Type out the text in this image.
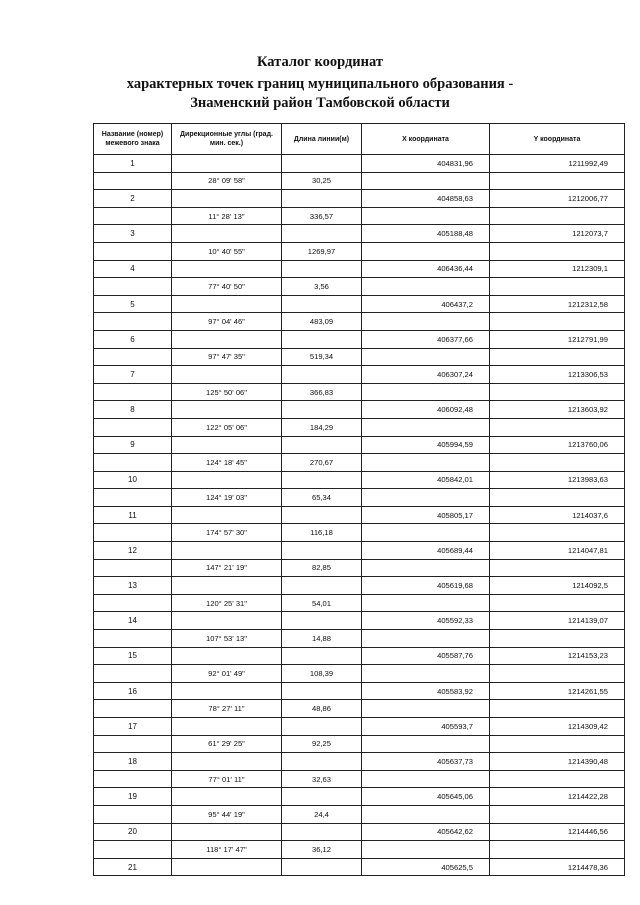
Каталог координат
характерных точек границ муниципального образования -
Знаменский район Тамбовской области
Название (номер) межевого знака	Дирекционные углы (град. мин. сек.)	Длина линии(м)	X координата	Y координата
1			404831,96	1211992,49
	28° 09' 58"	30,25		
2			404858,63	1212006,77
	11° 28' 13"	336,57		
3			405188,48	1212073,7
	10° 40' 55"	1269,97		
4			406436,44	1212309,1
	77° 40' 50"	3,56		
5			406437,2	1212312,58
	97° 04' 46"	483,09		
6			406377,66	1212791,99
	97° 47' 35"	519,34		
7			406307,24	1213306,53
	125° 50' 06"	366,83		
8			406092,48	1213603,92
	122° 05' 06"	184,29		
9			405994,59	1213760,06
	124° 18' 45"	270,67		
10			405842,01	1213983,63
	124° 19' 03"	65,34		
11			405805,17	1214037,6
	174° 57' 30"	116,18		
12			405689,44	1214047,81
	147° 21' 19"	82,85		
13			405619,68	1214092,5
	120° 25' 31"	54,01		
14			405592,33	1214139,07
	107° 53' 13"	14,88		
15			405587,76	1214153,23
	92° 01' 49"	108,39		
16			405583,92	1214261,55
	78° 27' 11"	48,86		
17			405593,7	1214309,42
	61° 29' 25"	92,25		
18			405637,73	1214390,48
	77° 01' 11"	32,63		
19			405645,06	1214422,28
	95° 44' 19"	24,4		
20			405642,62	1214446,56
	118° 17' 47"	36,12		
21			405625,5	1214478,36
